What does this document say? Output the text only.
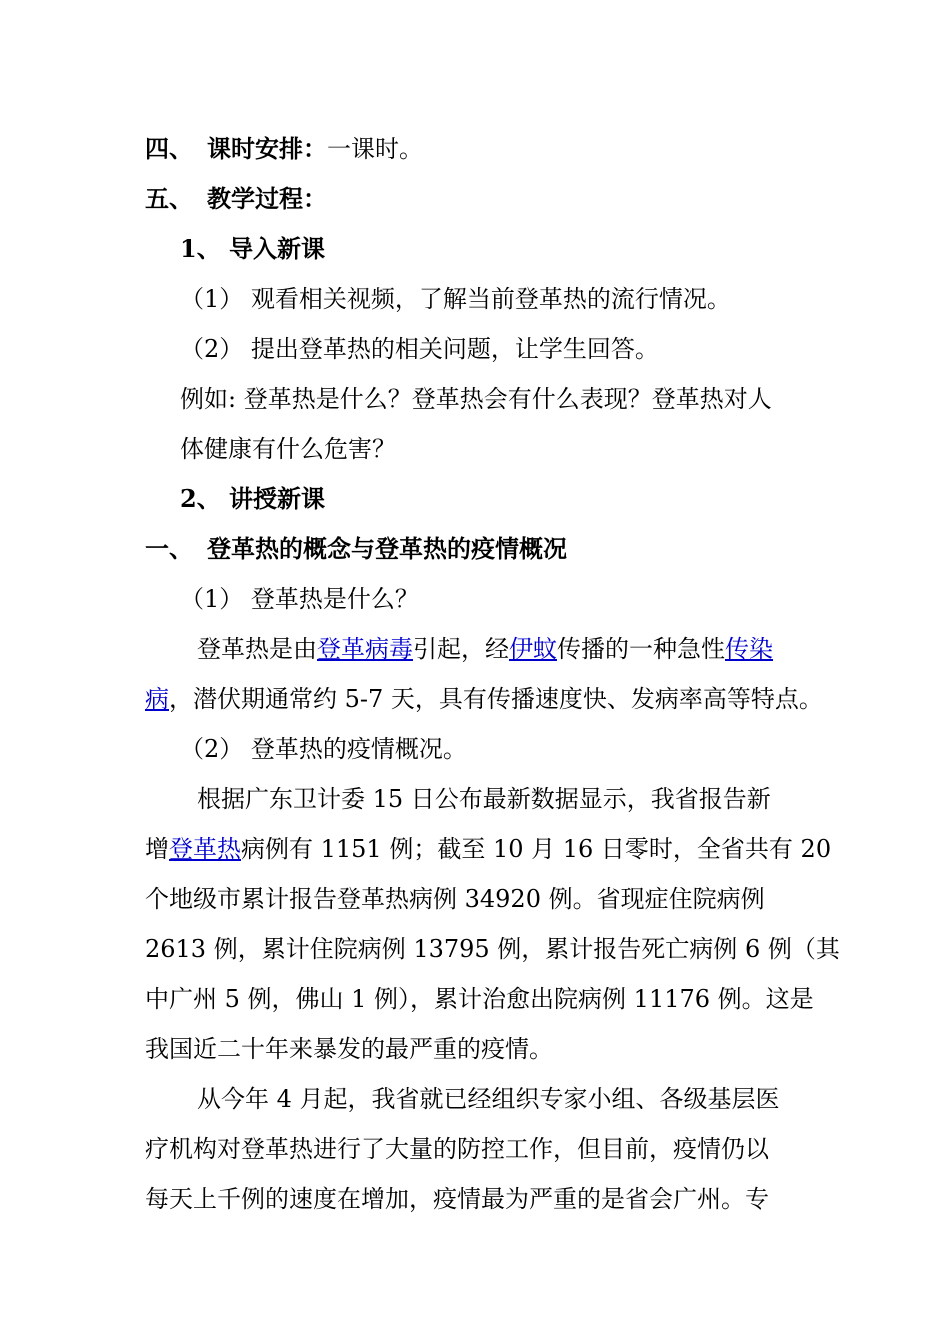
四、 课时安排：一课时。
五、 教学过程：
1、 导入新课
（1） 观看相关视频，了解当前登革热的流行情况。
（2） 提出登革热的相关问题，让学生回答。
例如: 登革热是什么？登革热会有什么表现？登革热对人
体健康有什么危害？
2、 讲授新课
一、 登革热的概念与登革热的疫情概况
（1） 登革热是什么？
登革热是由登革病毒引起，经伊蚊传播的一种急性传染
病，潜伏期通常约 5-7 天，具有传播速度快、发病率高等特点。
（2） 登革热的疫情概况。
根据广东卫计委 15 日公布最新数据显示，我省报告新
增登革热病例有 1151 例；截至 10 月 16 日零时，全省共有 20
个地级市累计报告登革热病例 34920 例。省现症住院病例
2613 例，累计住院病例 13795 例，累计报告死亡病例 6 例（其
中广州 5 例，佛山 1 例），累计治愈出院病例 11176 例。这是
我国近二十年来暴发的最严重的疫情。
从今年 4 月起，我省就已经组织专家小组、各级基层医
疗机构对登革热进行了大量的防控工作，但目前，疫情仍以
每天上千例的速度在增加，疫情最为严重的是省会广州。专
